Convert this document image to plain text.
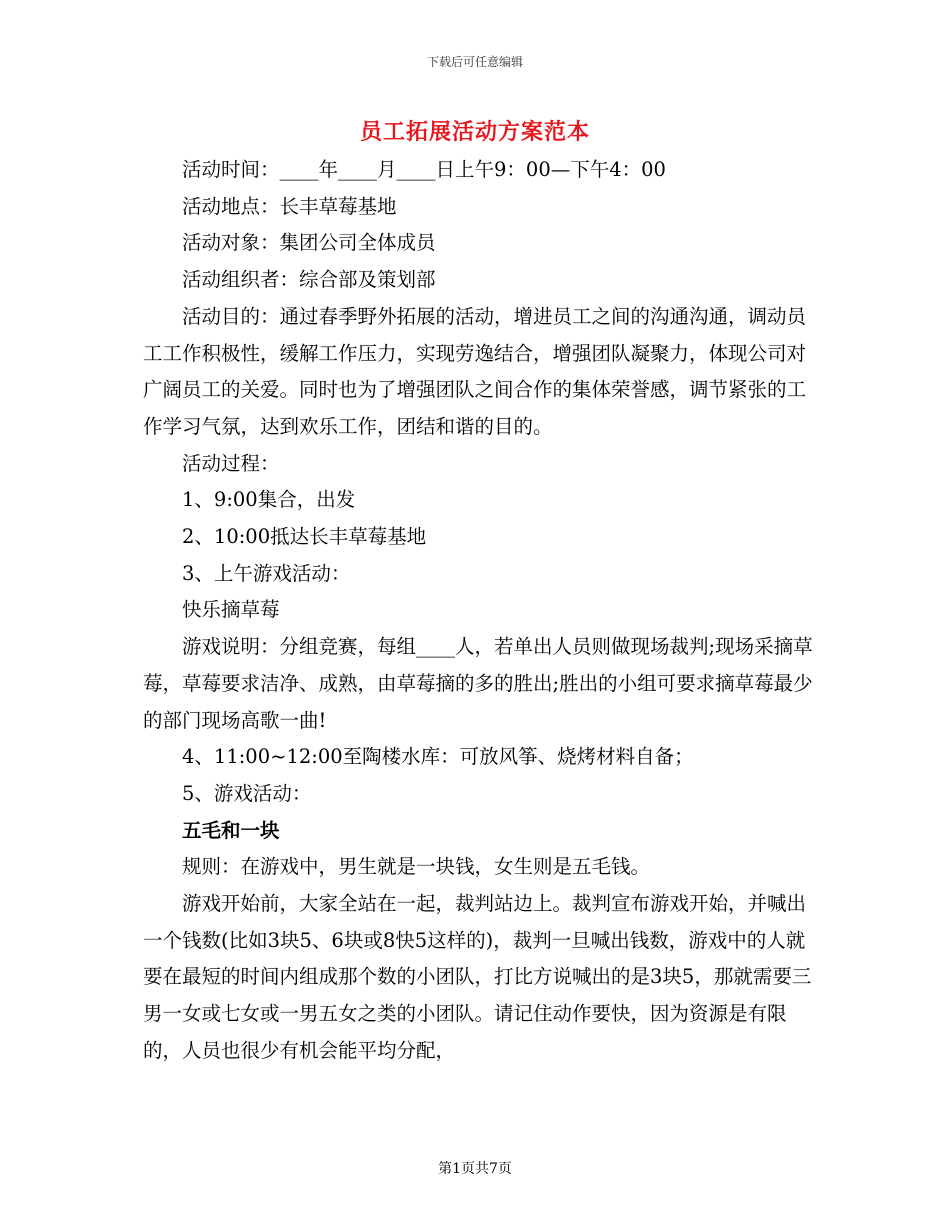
下载后可任意编辑
员工拓展活动方案范本

活动时间：____年____月____日上午9：00—下午4：00

活动地点：长丰草莓基地

活动对象：集团公司全体成员

活动组织者：综合部及策划部

活动目的：通过春季野外拓展的活动，增进员工之间的沟通沟通，调动员工工作积极性，缓解工作压力，实现劳逸结合，增强团队凝聚力，体现公司对广阔员工的关爱。同时也为了增强团队之间合作的集体荣誉感，调节紧张的工作学习气氛，达到欢乐工作，团结和谐的目的。

活动过程：

1、9:00集合，出发

2、10:00抵达长丰草莓基地

3、上午游戏活动：

快乐摘草莓

游戏说明：分组竞赛，每组____人，若单出人员则做现场裁判;现场采摘草莓，草莓要求洁净、成熟，由草莓摘的多的胜出;胜出的小组可要求摘草莓最少的部门现场高歌一曲!

4、11:00~12:00至陶楼水库：可放风筝、烧烤材料自备；

5、游戏活动：

五毛和一块

规则：在游戏中，男生就是一块钱，女生则是五毛钱。

游戏开始前，大家全站在一起，裁判站边上。裁判宣布游戏开始，并喊出一个钱数(比如3块5、6块或8快5这样的)，裁判一旦喊出钱数，游戏中的人就要在最短的时间内组成那个数的小团队，打比方说喊出的是3块5，那就需要三男一女或七女或一男五女之类的小团队。请记住动作要快，因为资源是有限的，人员也很少有机会能平均分配，

第1页共7页
